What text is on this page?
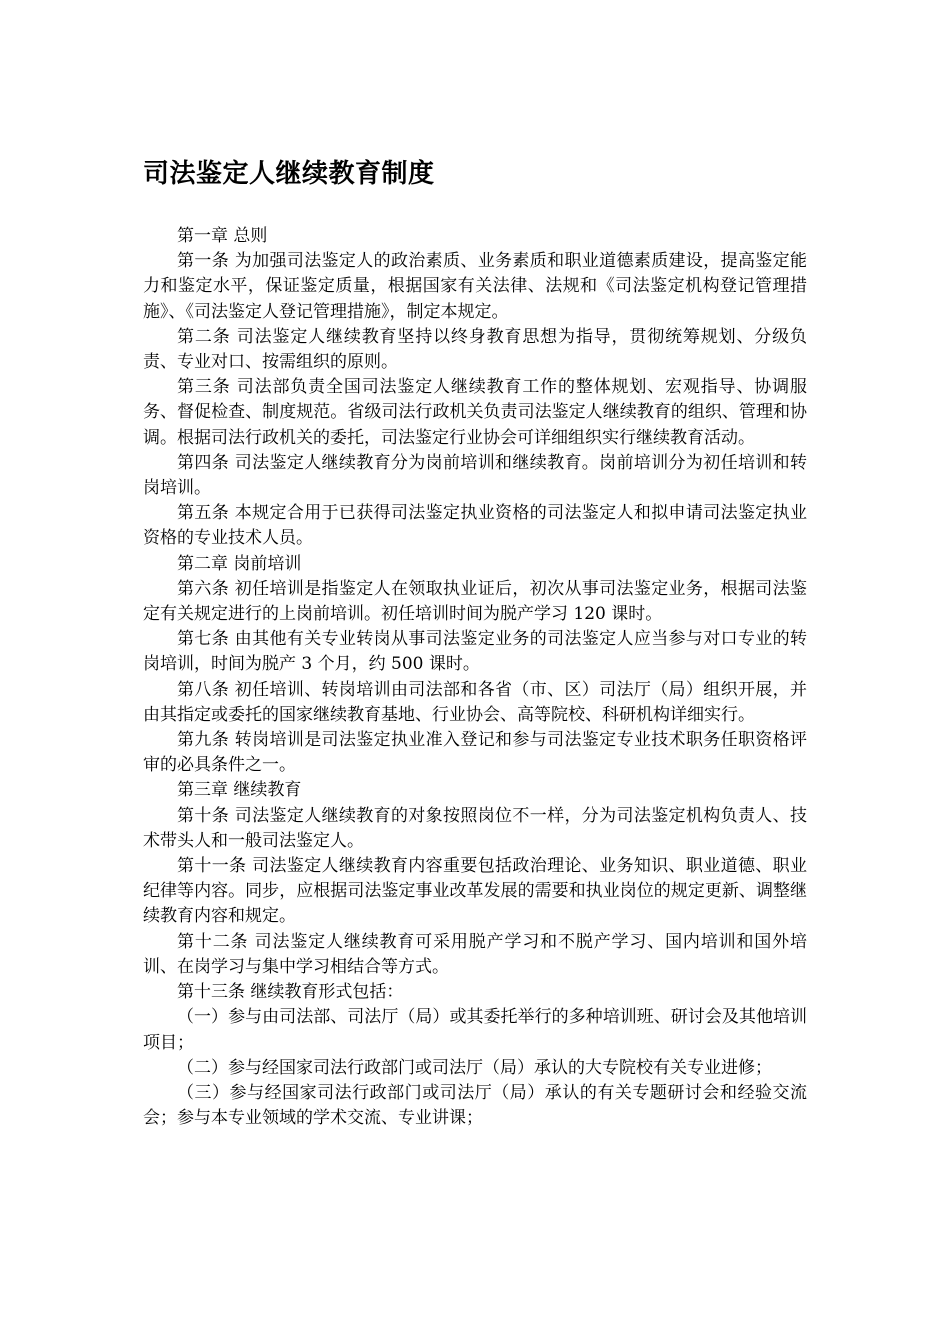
司法鉴定人继续教育制度

第一章 总则

第一条 为加强司法鉴定人的政治素质、业务素质和职业道德素质建设，提高鉴定能力和鉴定水平，保证鉴定质量，根据国家有关法律、法规和《司法鉴定机构登记管理措施》、《司法鉴定人登记管理措施》，制定本规定。

第二条 司法鉴定人继续教育坚持以终身教育思想为指导，贯彻统筹规划、分级负责、专业对口、按需组织的原则。

第三条 司法部负责全国司法鉴定人继续教育工作的整体规划、宏观指导、协调服务、督促检查、制度规范。省级司法行政机关负责司法鉴定人继续教育的组织、管理和协调。根据司法行政机关的委托，司法鉴定行业协会可详细组织实行继续教育活动。

第四条 司法鉴定人继续教育分为岗前培训和继续教育。岗前培训分为初任培训和转岗培训。

第五条 本规定合用于已获得司法鉴定执业资格的司法鉴定人和拟申请司法鉴定执业资格的专业技术人员。

第二章 岗前培训

第六条 初任培训是指鉴定人在领取执业证后，初次从事司法鉴定业务，根据司法鉴定有关规定进行的上岗前培训。初任培训时间为脱产学习 120 课时。

第七条 由其他有关专业转岗从事司法鉴定业务的司法鉴定人应当参与对口专业的转岗培训，时间为脱产 3 个月，约 500 课时。

第八条 初任培训、转岗培训由司法部和各省（市、区）司法厅（局）组织开展，并由其指定或委托的国家继续教育基地、行业协会、高等院校、科研机构详细实行。

第九条 转岗培训是司法鉴定执业准入登记和参与司法鉴定专业技术职务任职资格评审的必具条件之一。

第三章 继续教育

第十条 司法鉴定人继续教育的对象按照岗位不一样，分为司法鉴定机构负责人、技术带头人和一般司法鉴定人。

第十一条 司法鉴定人继续教育内容重要包括政治理论、业务知识、职业道德、职业纪律等内容。同步，应根据司法鉴定事业改革发展的需要和执业岗位的规定更新、调整继续教育内容和规定。

第十二条 司法鉴定人继续教育可采用脱产学习和不脱产学习、国内培训和国外培训、在岗学习与集中学习相结合等方式。

第十三条 继续教育形式包括：

（一）参与由司法部、司法厅（局）或其委托举行的多种培训班、研讨会及其他培训项目；

（二）参与经国家司法行政部门或司法厅（局）承认的大专院校有关专业进修；

（三）参与经国家司法行政部门或司法厅（局）承认的有关专题研讨会和经验交流会；参与本专业领域的学术交流、专业讲课；
